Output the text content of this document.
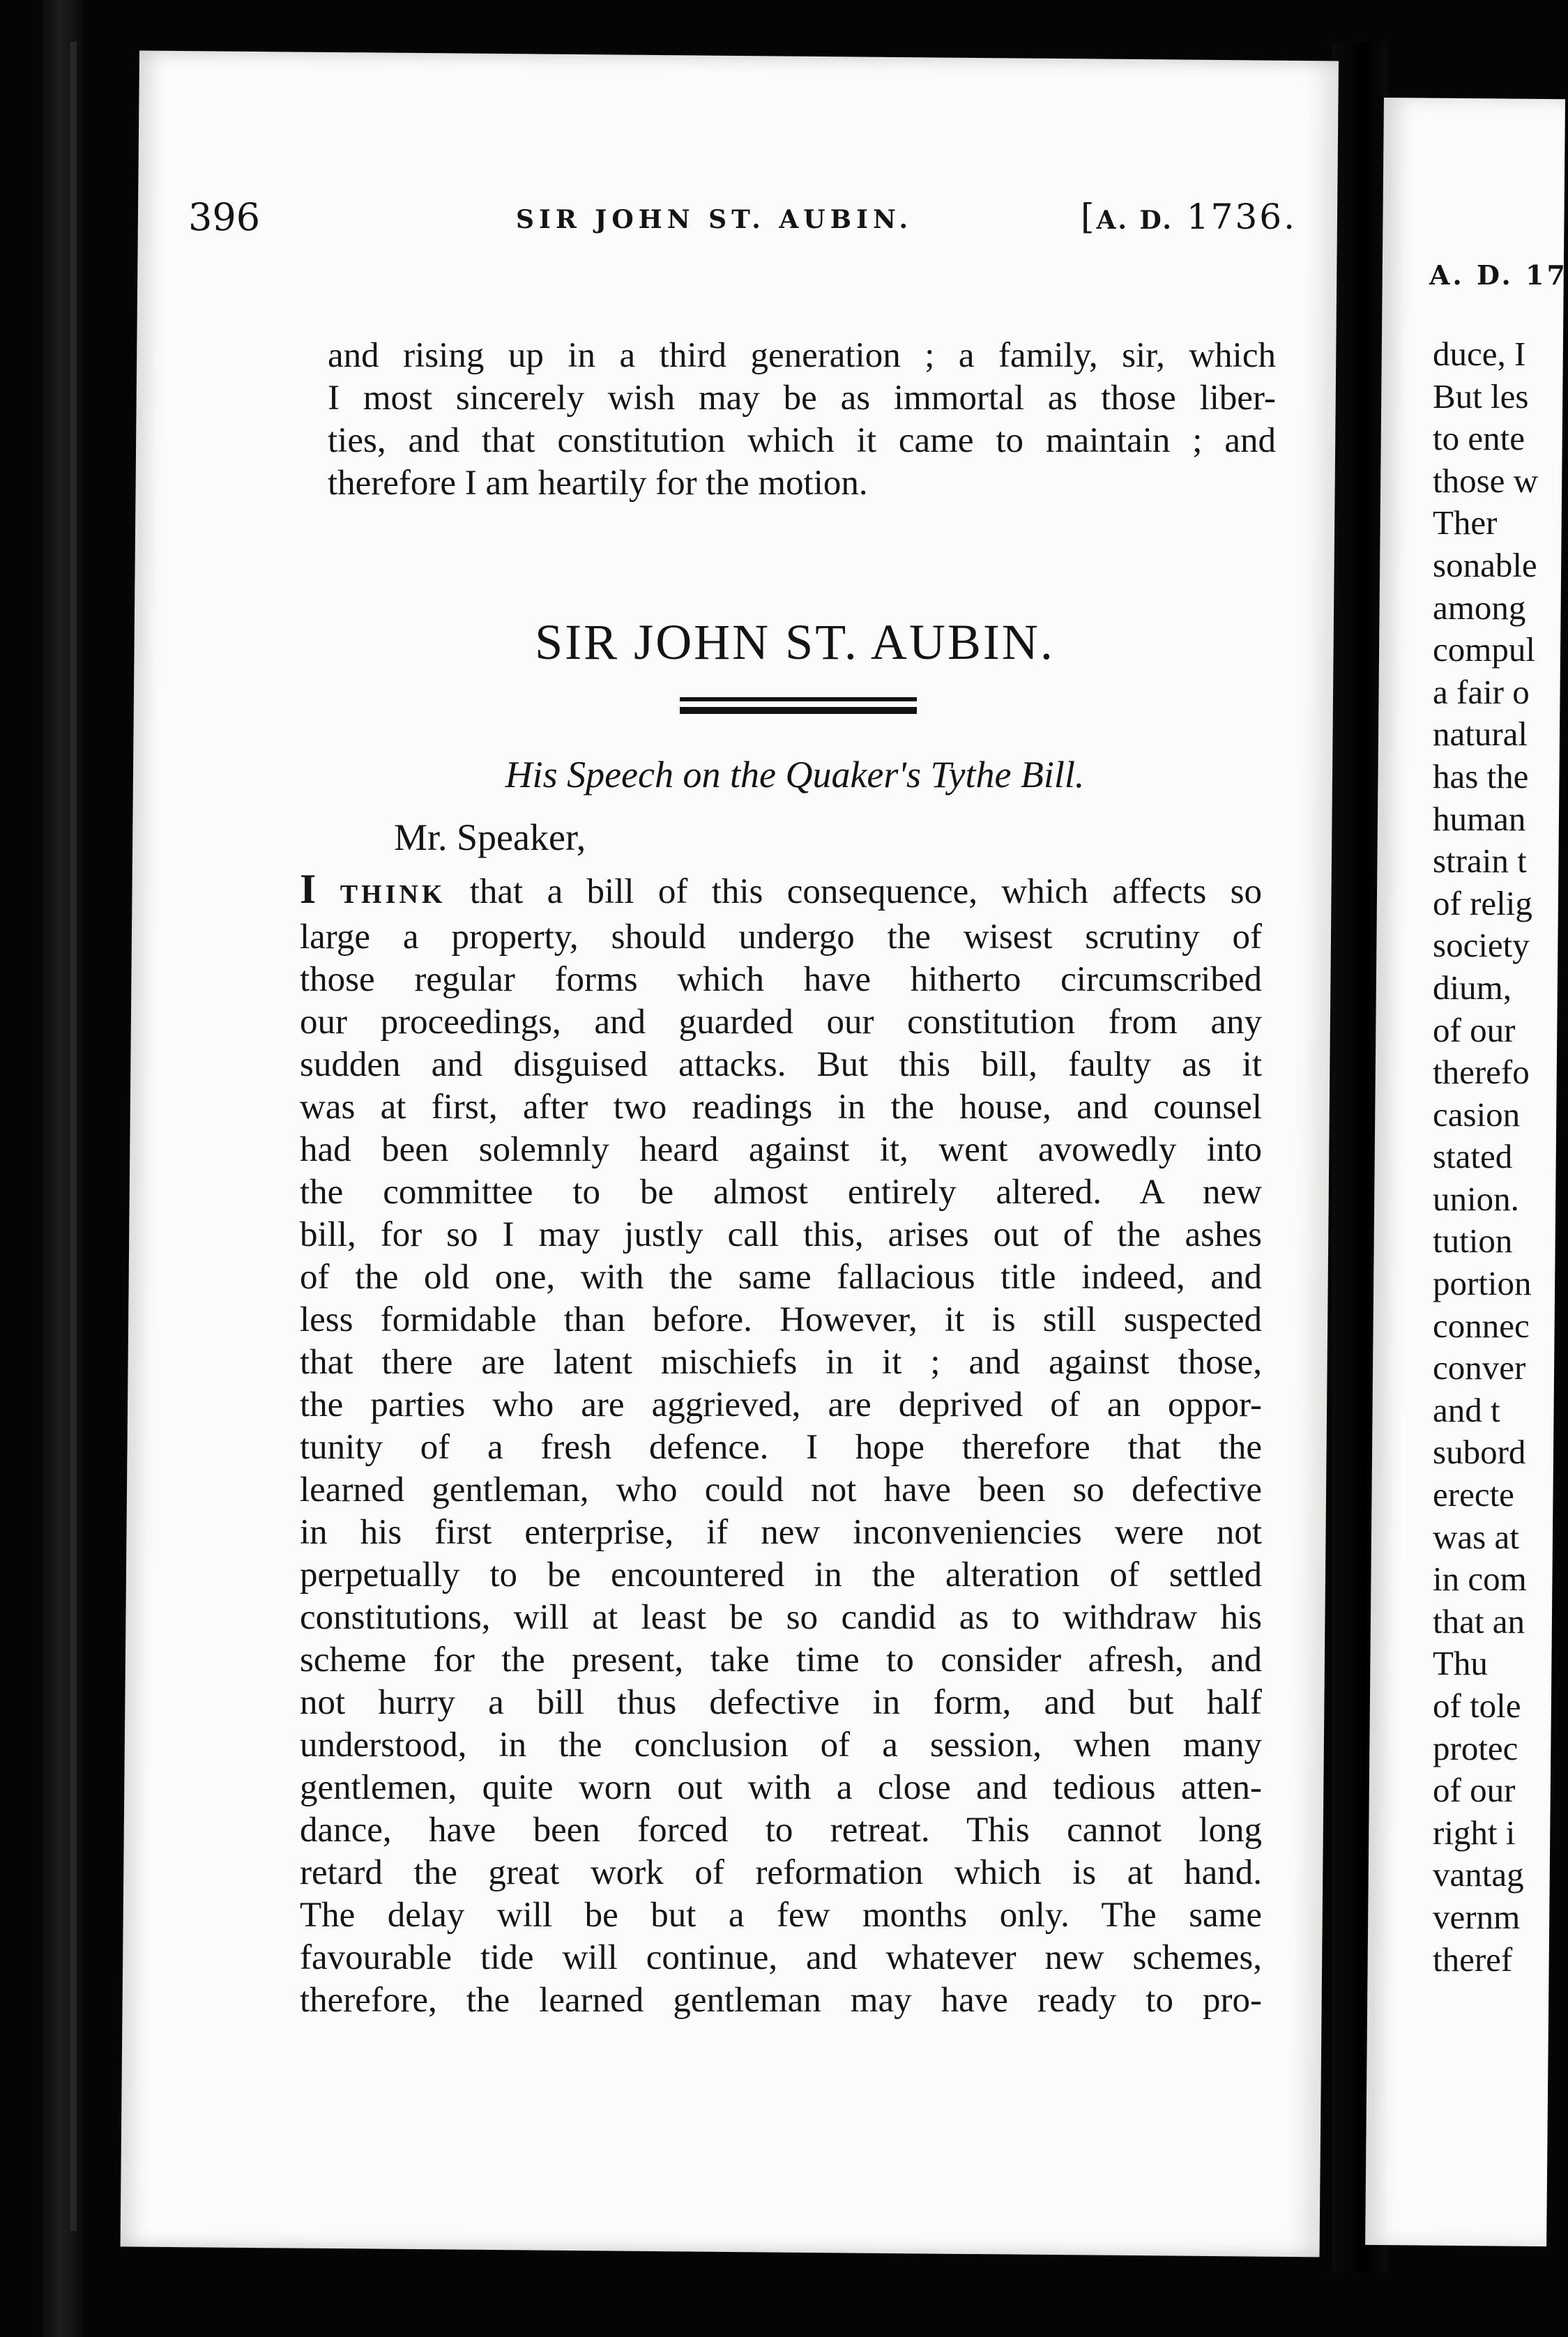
396	SIR JOHN ST. AUBIN.	[A. D. 1736.
and rising up in a third generation ; a family, sir, which
I most sincerely wish may be as immortal as those liber-
ties, and that constitution which it came to maintain ; and
therefore I am heartily for the motion.
SIR JOHN ST. AUBIN.
His Speech on the Quaker's Tythe Bill.
Mr. Speaker,
I THINK that a bill of this consequence, which affects so
large a property, should undergo the wisest scrutiny of
those regular forms which have hitherto circumscribed
our proceedings, and guarded our constitution from any
sudden and disguised attacks. But this bill, faulty as it
was at first, after two readings in the house, and counsel
had been solemnly heard against it, went avowedly into
the committee to be almost entirely altered. A new
bill, for so I may justly call this, arises out of the ashes
of the old one, with the same fallacious title indeed, and
less formidable than before. However, it is still suspected
that there are latent mischiefs in it ; and against those,
the parties who are aggrieved, are deprived of an oppor-
tunity of a fresh defence. I hope therefore that the
learned gentleman, who could not have been so defective
in his first enterprise, if new inconveniencies were not
perpetually to be encountered in the alteration of settled
constitutions, will at least be so candid as to withdraw his
scheme for the present, take time to consider afresh, and
not hurry a bill thus defective in form, and but half
understood, in the conclusion of a session, when many
gentlemen, quite worn out with a close and tedious atten-
dance, have been forced to retreat. This cannot long
retard the great work of reformation which is at hand.
The delay will be but a few months only. The same
favourable tide will continue, and whatever new schemes,
therefore, the learned gentleman may have ready to pro-
A. D. 17
duce, I
But les
to ente
those w
Ther
sonable
among
compul
a fair o
natural
has the
human
strain t
of relig
society
dium,
of our
therefo
casion
stated
union.
tution
portion
connec
conver
and t
subord
erecte
was at
in com
that an
Thu
of tole
protec
of our
right i
vantag
vernm
theref
